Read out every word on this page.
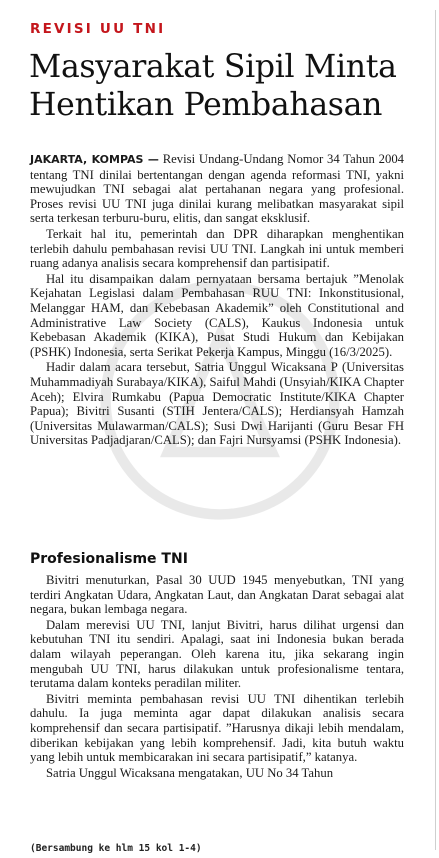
REVISI UU TNI
Masyarakat Sipil Minta
Hentikan Pembahasan

JAKARTA, KOMPAS — Revisi Undang-Undang Nomor 34 Tahun 2004 tentang TNI dinilai bertentangan dengan agenda reformasi TNI, yakni mewujudkan TNI sebagai alat pertahanan negara yang profesional. Proses revisi UU TNI juga dinilai kurang melibatkan masyarakat sipil serta terkesan terburu-buru, elitis, dan sangat eksklusif.

Terkait hal itu, pemerintah dan DPR diharapkan menghentikan terlebih dahulu pembahasan revisi UU TNI. Langkah ini untuk memberi ruang adanya analisis secara komprehensif dan partisipatif.

Hal itu disampaikan dalam pernyataan bersama bertajuk ”Menolak Kejahatan Legislasi dalam Pembahasan RUU TNI: Inkonstitusional, Melanggar HAM, dan Kebebasan Akademik” oleh Constitutional and Administrative Law Society (CALS), Kaukus Indonesia untuk Kebebasan Akademik (KIKA), Pusat Studi Hukum dan Kebijakan (PSHK) Indonesia, serta Serikat Pekerja Kampus, Minggu (16/3/2025).

Hadir dalam acara tersebut, Satria Unggul Wicaksana P (Universitas Muhammadiyah Surabaya/KIKA), Saiful Mahdi (Unsyiah/KIKA Chapter Aceh); Elvira Rumkabu (Papua Democratic Institute/KIKA Chapter Papua); Bivitri Susanti (STIH Jentera/CALS); Herdiansyah Hamzah (Universitas Mulawarman/CALS); Susi Dwi Harijanti (Guru Besar FH Universitas Padjadjaran/CALS); dan Fajri Nursyamsi (PSHK Indonesia).

Profesionalisme TNI

Bivitri menuturkan, Pasal 30 UUD 1945 menyebutkan, TNI yang terdiri Angkatan Udara, Angkatan Laut, dan Angkatan Darat sebagai alat negara, bukan lembaga negara.

Dalam merevisi UU TNI, lanjut Bivitri, harus dilihat urgensi dan kebutuhan TNI itu sendiri. Apalagi, saat ini Indonesia bukan berada dalam wilayah peperangan. Oleh karena itu, jika sekarang ingin mengubah UU TNI, harus dilakukan untuk profesionalisme tentara, terutama dalam konteks peradilan militer.

Bivitri meminta pembahasan revisi UU TNI dihentikan terlebih dahulu. Ia juga meminta agar dapat dilakukan analisis secara komprehensif dan secara partisipatif. ”Harusnya dikaji lebih mendalam, diberikan kebijakan yang lebih komprehensif. Jadi, kita butuh waktu yang lebih untuk membicarakan ini secara partisipatif,” katanya.

Satria Unggul Wicaksana mengatakan, UU No 34 Tahun

(Bersambung ke hlm 15 kol 1-4)
